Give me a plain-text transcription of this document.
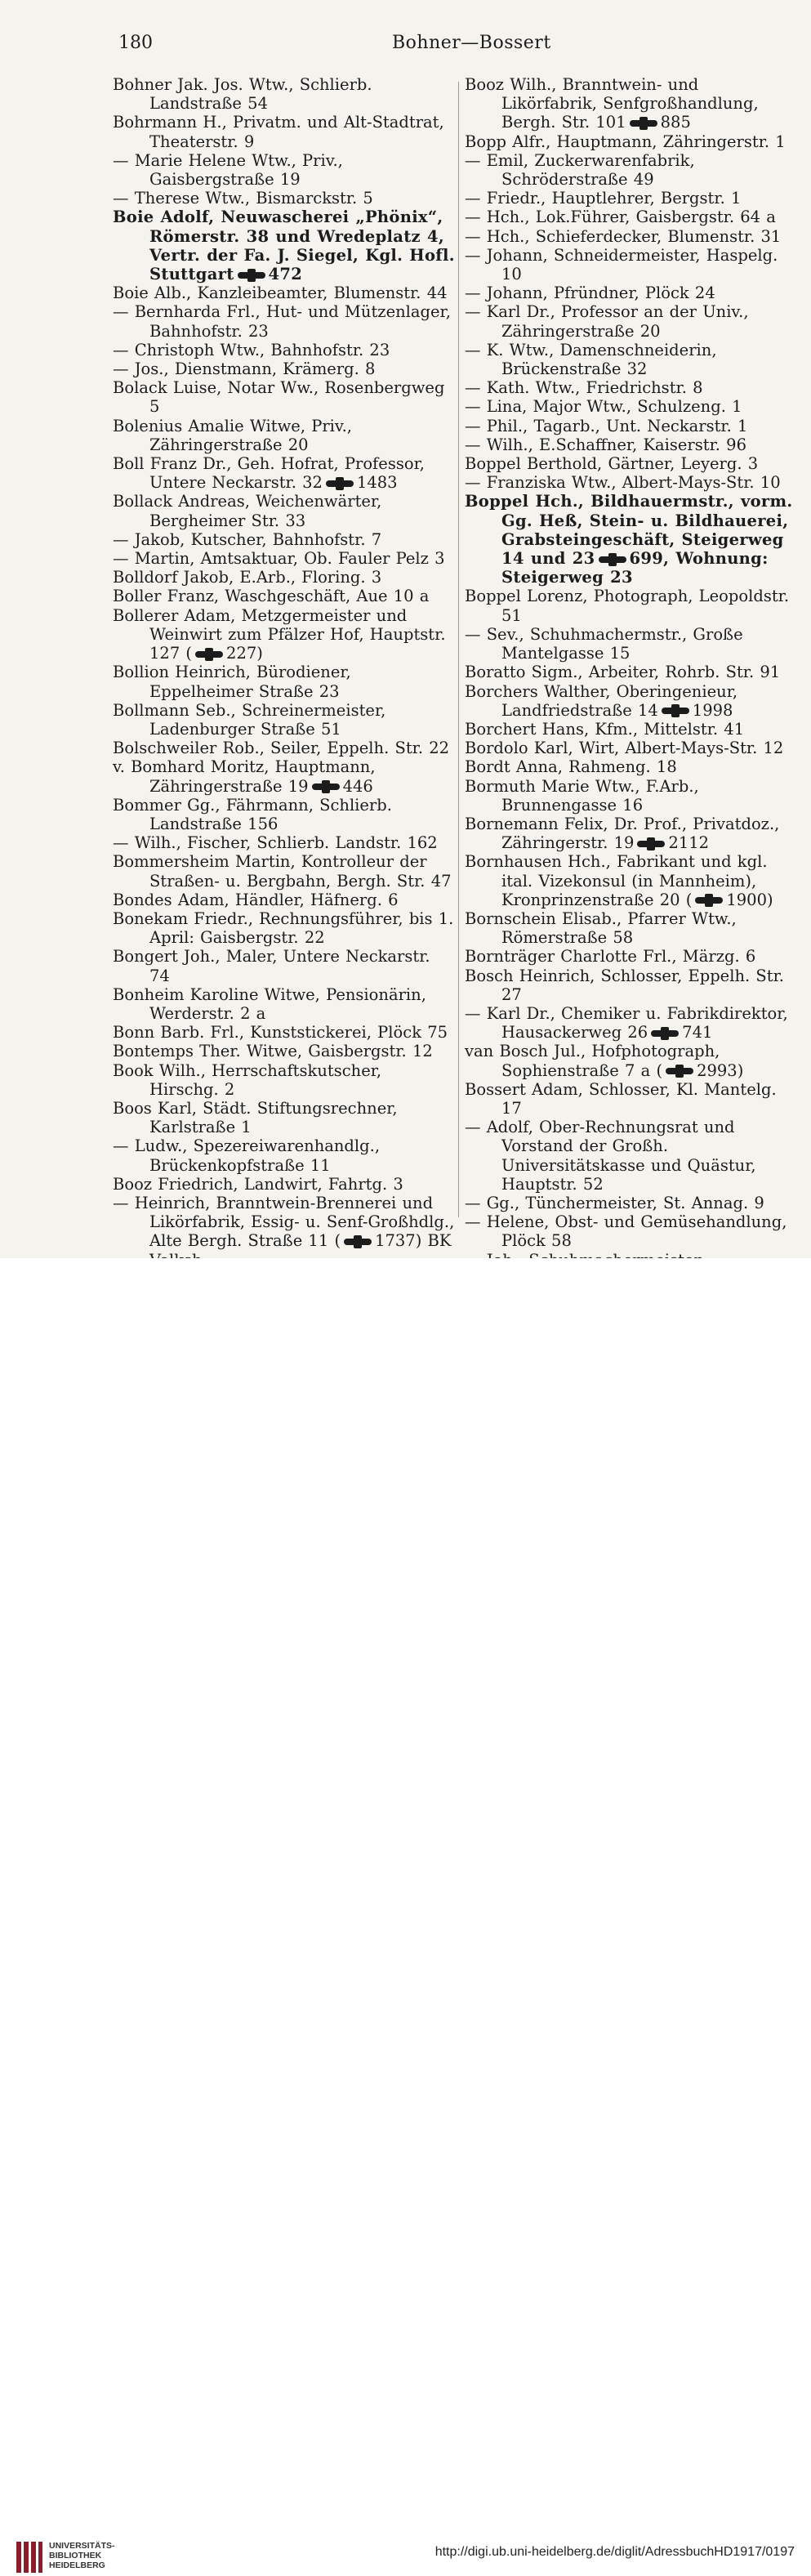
180	Bohner—Bossert
Bohner Jak. Jos. Wtw., Schlierb. Landstraße 54
Bohrmann H., Privatm. und Alt-Stadtrat, Theaterstr. 9
— Marie Helene Wtw., Priv., Gaisbergstraße 19
— Therese Wtw., Bismarckstr. 5
Boie Adolf, Neuwascherei „Phönix“, Römerstr. 38 und Wredeplatz 4, Vertr. der Fa. J. Siegel, Kgl. Hofl. Stuttgart 472
Boie Alb., Kanzleibeamter, Blumenstr. 44
— Bernharda Frl., Hut- und Mützenlager, Bahnhofstr. 23
— Christoph Wtw., Bahnhofstr. 23
— Jos., Dienstmann, Krämerg. 8
Bolack Luise, Notar Ww., Rosenbergweg 5
Bolenius Amalie Witwe, Priv., Zähringerstraße 20
Boll Franz Dr., Geh. Hofrat, Professor, Untere Neckarstr. 32 1483
Bollack Andreas, Weichenwärter, Bergheimer Str. 33
— Jakob, Kutscher, Bahnhofstr. 7
— Martin, Amtsaktuar, Ob. Fauler Pelz 3
Bolldorf Jakob, E.Arb., Floring. 3
Boller Franz, Waschgeschäft, Aue 10 a
Bollerer Adam, Metzgermeister und Weinwirt zum Pfälzer Hof, Hauptstr. 127 ( 227)
Bollion Heinrich, Bürodiener, Eppelheimer Straße 23
Bollmann Seb., Schreinermeister, Ladenburger Straße 51
Bolschweiler Rob., Seiler, Eppelh. Str. 22
v. Bomhard Moritz, Hauptmann, Zähringerstraße 19 446
Bommer Gg., Fährmann, Schlierb. Landstraße 156
— Wilh., Fischer, Schlierb. Landstr. 162
Bommersheim Martin, Kontrolleur der Straßen- u. Bergbahn, Bergh. Str. 47
Bondes Adam, Händler, Häfnerg. 6
Bonekam Friedr., Rechnungsführer, bis 1. April: Gaisbergstr. 22
Bongert Joh., Maler, Untere Neckarstr. 74
Bonheim Karoline Witwe, Pensionärin, Werderstr. 2 a
Bonn Barb. Frl., Kunststickerei, Plöck 75
Bontemps Ther. Witwe, Gaisbergstr. 12
Book Wilh., Herrschaftskutscher, Hirschg. 2
Boos Karl, Städt. Stiftungsrechner, Karlstraße 1
— Ludw., Spezereiwarenhandlg., Brückenkopfstraße 11
Booz Friedrich, Landwirt, Fahrtg. 3
— Heinrich, Branntwein-Brennerei und Likörfabrik, Essig- u. Senf-Großhdlg., Alte Bergh. Straße 11 ( 1737) BK
Booz Wilh., Branntwein- und Likörfabrik, Senfgroßhandlung, Bergh. Str. 101 885
Bopp Alfr., Hauptmann, Zähringerstr. 1
— Emil, Zuckerwarenfabrik, Schröderstraße 49
— Friedr., Hauptlehrer, Bergstr. 1
— Hch., Lok.Führer, Gaisbergstr. 64 a
— Hch., Schieferdecker, Blumenstr. 31
— Johann, Schneidermeister, Haspelg. 10
— Johann, Pfründner, Plöck 24
— Karl Dr., Professor an der Univ., Zähringerstraße 20
— K. Wtw., Damenschneiderin, Brückenstraße 32
— Kath. Wtw., Friedrichstr. 8
— Lina, Major Wtw., Schulzeng. 1
— Phil., Tagarb., Unt. Neckarstr. 1
— Wilh., E.Schaffner, Kaiserstr. 96
Boppel Berthold, Gärtner, Leyerg. 3
— Franziska Wtw., Albert-Mays-Str. 10
Boppel Hch., Bildhauermstr., vorm. Gg. Heß, Stein- u. Bildhauerei, Grabsteingeschäft, Steigerweg 14 und 23 699, Wohnung: Steigerweg 23
Boppel Lorenz, Photograph, Leopoldstr. 51
— Sev., Schuhmachermstr., Große Mantelgasse 15
Boratto Sigm., Arbeiter, Rohrb. Str. 91
Borchers Walther, Oberingenieur, Landfriedstraße 14 1998
Borchert Hans, Kfm., Mittelstr. 41
Bordolo Karl, Wirt, Albert-Mays-Str. 12
Bordt Anna, Rahmeng. 18
Bormuth Marie Wtw., F.Arb., Brunnengasse 16
Bornemann Felix, Dr. Prof., Privatdoz., Zähringerstr. 19 2112
Bornhausen Hch., Fabrikant und kgl. ital. Vizekonsul (in Mannheim), Kronprinzenstraße 20 ( 1900)
Bornschein Elisab., Pfarrer Wtw., Römerstraße 58
Bornträger Charlotte Frl., Märzg. 6
Bosch Heinrich, Schlosser, Eppelh. Str. 27
— Karl Dr., Chemiker u. Fabrikdirektor, Hausackerweg 26 741
van Bosch Jul., Hofphotograph, Sophienstraße 7 a ( 2993)
Bossert Adam, Schlosser, Kl. Mantelg. 17
— Adolf, Ober-Rechnungsrat und Vorstand der Großh. Universitätskasse und Quästur, Hauptstr. 52
— Gg., Tünchermeister, St. Annag. 9
— Helene, Obst- und Gemüsehandlung, Plöck 58
UNIVERSITÄTS-
BIBLIOTHEK
HEIDELBERG
http://digi.ub.uni-heidelberg.de/diglit/AdressbuchHD1917/0197
